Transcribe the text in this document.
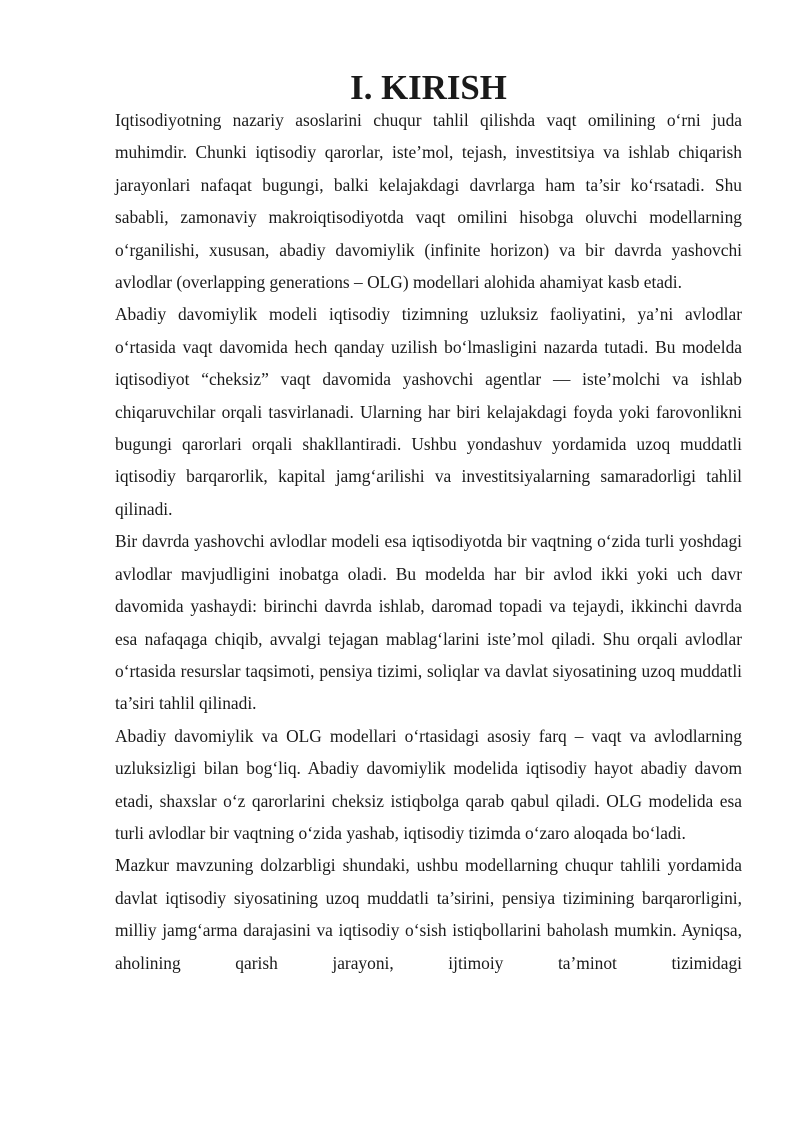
I. KIRISH

Iqtisodiyotning nazariy asoslarini chuqur tahlil qilishda vaqt omilining o‘rni juda muhimdir. Chunki iqtisodiy qarorlar, iste’mol, tejash, investitsiya va ishlab chiqarish jarayonlari nafaqat bugungi, balki kelajakdagi davrlarga ham ta’sir ko‘rsatadi. Shu sababli, zamonaviy makroiqtisodiyotda vaqt omilini hisobga oluvchi modellarning o‘rganilishi, xususan, abadiy davomiylik (infinite horizon) va bir davrda yashovchi avlodlar (overlapping generations – OLG) modellari alohida ahamiyat kasb etadi.

Abadiy davomiylik modeli iqtisodiy tizimning uzluksiz faoliyatini, ya’ni avlodlar o‘rtasida vaqt davomida hech qanday uzilish bo‘lmasligini nazarda tutadi. Bu modelda iqtisodiyot “cheksiz” vaqt davomida yashovchi agentlar — iste’molchi va ishlab chiqaruvchilar orqali tasvirlanadi. Ularning har biri kelajakdagi foyda yoki farovonlikni bugungi qarorlari orqali shakllantiradi. Ushbu yondashuv yordamida uzoq muddatli iqtisodiy barqarorlik, kapital jamg‘arilishi va investitsiyalarning samaradorligi tahlil qilinadi.

Bir davrda yashovchi avlodlar modeli esa iqtisodiyotda bir vaqtning o‘zida turli yoshdagi avlodlar mavjudligini inobatga oladi. Bu modelda har bir avlod ikki yoki uch davr davomida yashaydi: birinchi davrda ishlab, daromad topadi va tejaydi, ikkinchi davrda esa nafaqaga chiqib, avvalgi tejagan mablag‘larini iste’mol qiladi. Shu orqali avlodlar o‘rtasida resurslar taqsimoti, pensiya tizimi, soliqlar va davlat siyosatining uzoq muddatli ta’siri tahlil qilinadi.

Abadiy davomiylik va OLG modellari o‘rtasidagi asosiy farq – vaqt va avlodlarning uzluksizligi bilan bog‘liq. Abadiy davomiylik modelida iqtisodiy hayot abadiy davom etadi, shaxslar o‘z qarorlarini cheksiz istiqbolga qarab qabul qiladi. OLG modelida esa turli avlodlar bir vaqtning o‘zida yashab, iqtisodiy tizimda o‘zaro aloqada bo‘ladi.

Mazkur mavzuning dolzarbligi shundaki, ushbu modellarning chuqur tahlili yordamida davlat iqtisodiy siyosatining uzoq muddatli ta’sirini, pensiya tizimining barqarorligini, milliy jamg‘arma darajasini va iqtisodiy o‘sish istiqbollarini baholash mumkin. Ayniqsa, aholining qarish jarayoni, ijtimoiy ta’minot tizimidagi
